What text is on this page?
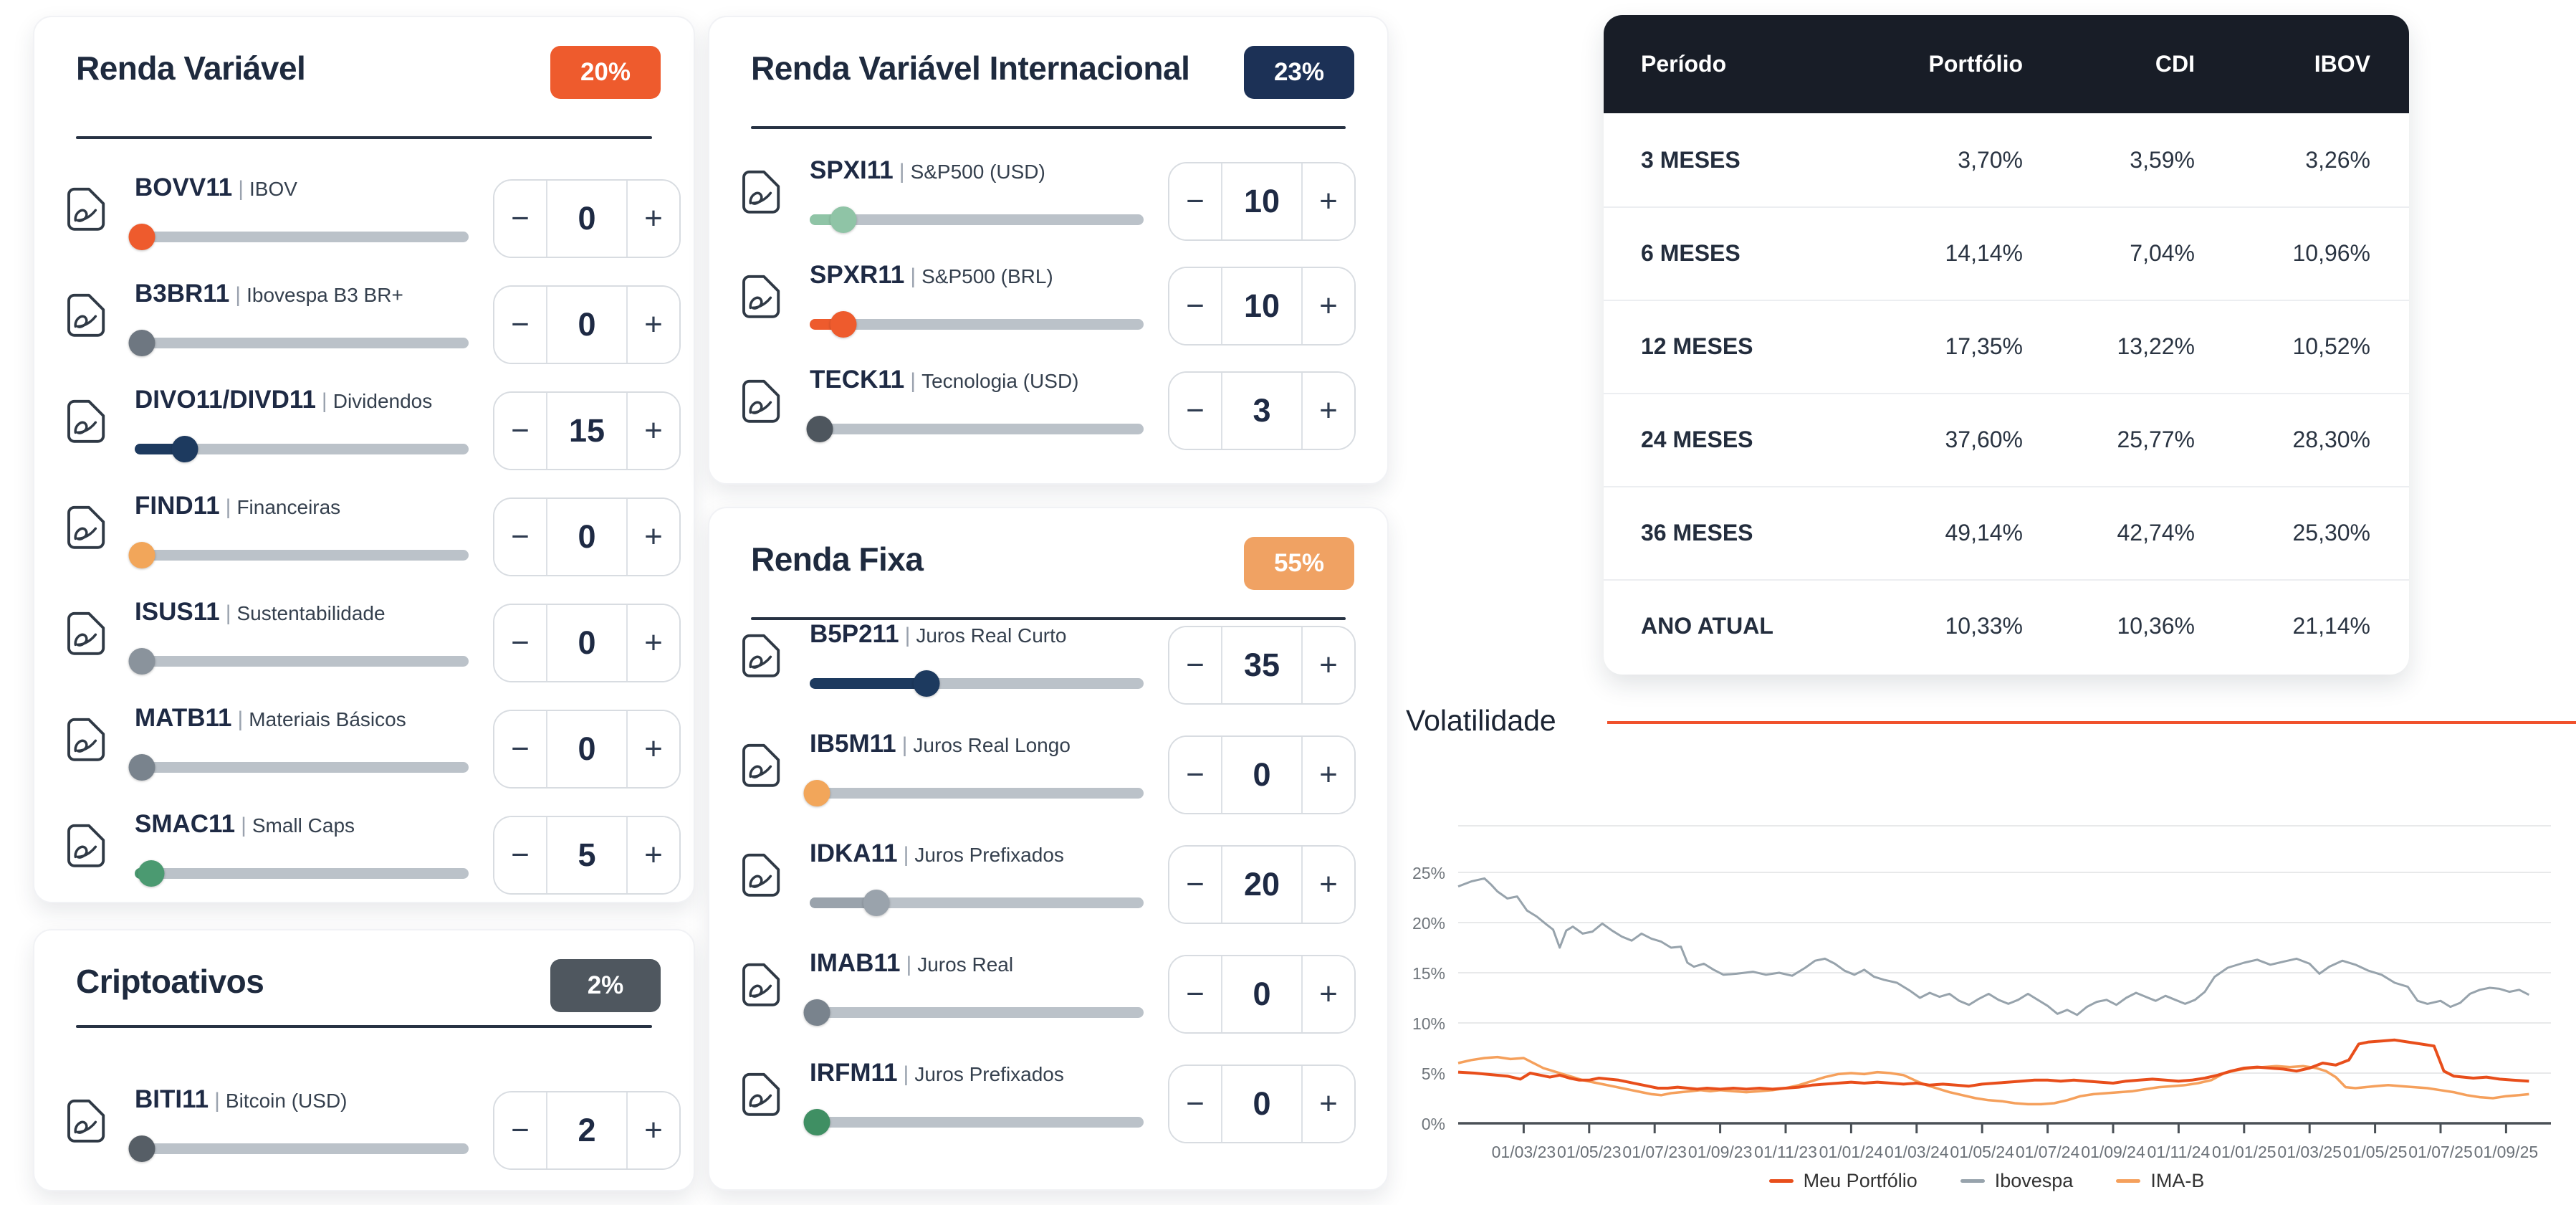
Renda Variável	20%
BOVV11 | IBOV
−	0	+
B3BR11 | Ibovespa B3 BR+
−	0	+
DIVO11/DIVD11 | Dividendos
−	15	+
FIND11 | Financeiras
−	0	+
ISUS11 | Sustentabilidade
−	0	+
MATB11 | Materiais Básicos
−	0	+
SMAC11 | Small Caps
−	5	+
Criptoativos	2%
BITI11 | Bitcoin (USD)
−	2	+
Renda Variável Internacional	23%
SPXI11 | S&P500 (USD)
−	10	+
SPXR11 | S&P500 (BRL)
−	10	+
TECK11 | Tecnologia (USD)
−	3	+
Renda Fixa	55%
B5P211 | Juros Real Curto
−	35	+
IB5M11 | Juros Real Longo
−	0	+
IDKA11 | Juros Prefixados
−	20	+
IMAB11 | Juros Real
−	0	+
IRFM11 | Juros Prefixados
−	0	+
Período	Portfólio	CDI	IBOV
3 MESES	3,70%	3,59%	3,26%
6 MESES	14,14%	7,04%	10,96%
12 MESES	17,35%	13,22%	10,52%
24 MESES	37,60%	25,77%	28,30%
36 MESES	49,14%	42,74%	25,30%
ANO ATUAL	10,33%	10,36%	21,14%
Volatilidade
0%
5%
10%
15%
20%
25%
01/03/23 01/05/23 01/07/23 01/09/23 01/11/23 01/01/24 01/03/24 01/05/24 01/07/24 01/09/24 01/11/24 01/01/25 01/03/25 01/05/25 01/07/25 01/09/25
Meu Portfólio	Ibovespa	IMA-B
